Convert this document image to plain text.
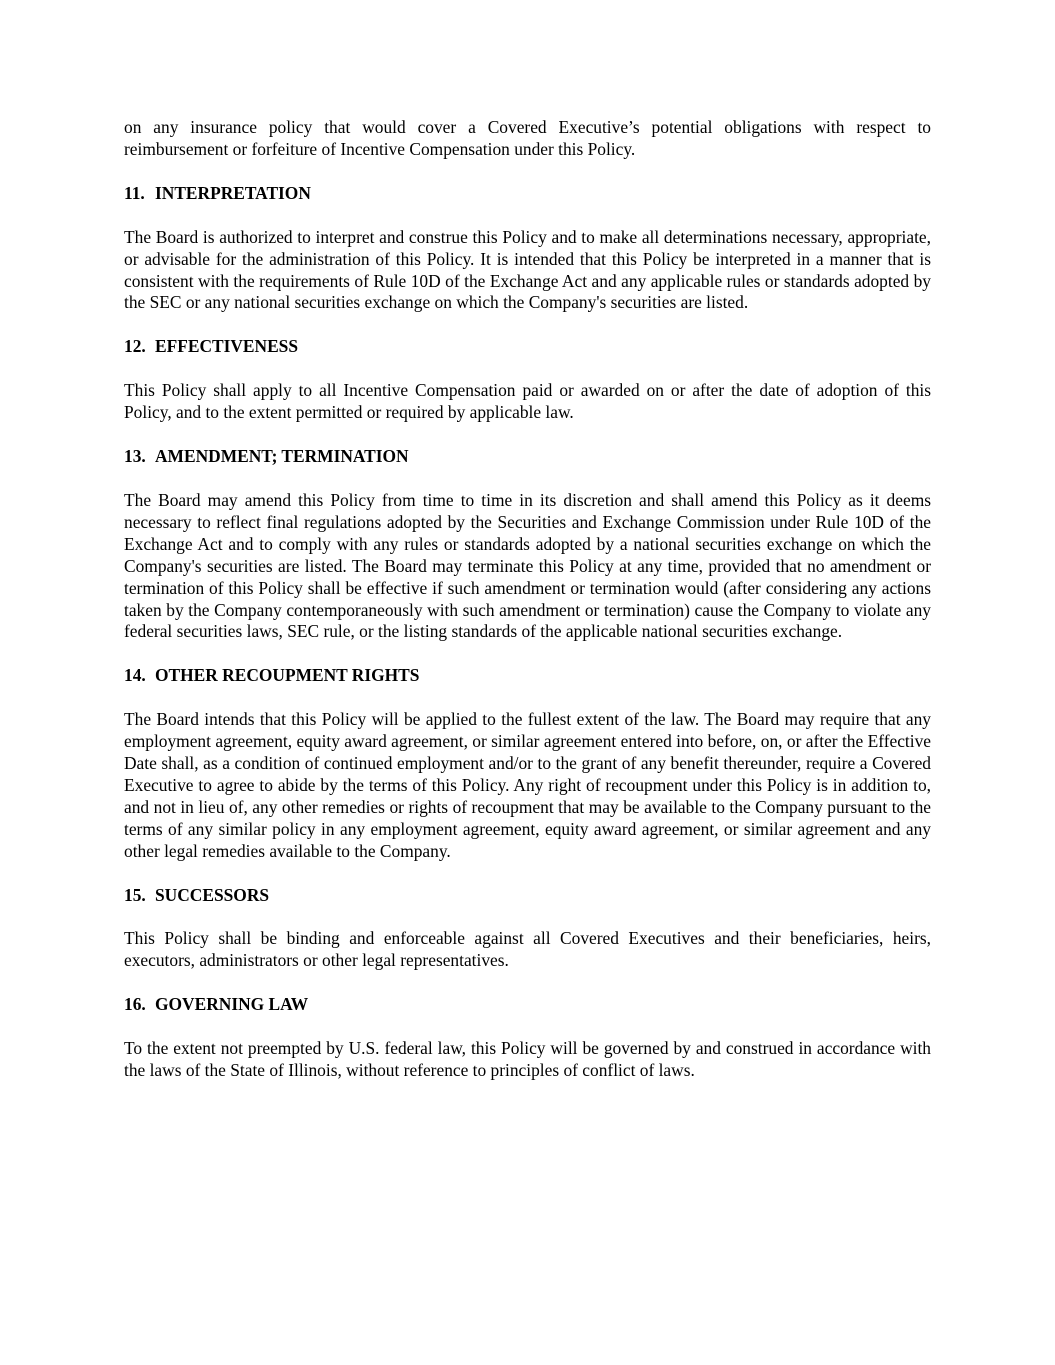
on any insurance policy that would cover a Covered Executive’s potential obligations with respect to reimbursement or forfeiture of Incentive Compensation under this Policy.

11. INTERPRETATION

The Board is authorized to interpret and construe this Policy and to make all determinations necessary, appropriate, or advisable for the administration of this Policy. It is intended that this Policy be interpreted in a manner that is consistent with the requirements of Rule 10D of the Exchange Act and any applicable rules or standards adopted by the SEC or any national securities exchange on which the Company's securities are listed.

12. EFFECTIVENESS

This Policy shall apply to all Incentive Compensation paid or awarded on or after the date of adoption of this Policy, and to the extent permitted or required by applicable law.

13. AMENDMENT; TERMINATION

The Board may amend this Policy from time to time in its discretion and shall amend this Policy as it deems necessary to reflect final regulations adopted by the Securities and Exchange Commission under Rule 10D of the Exchange Act and to comply with any rules or standards adopted by a national securities exchange on which the Company's securities are listed. The Board may terminate this Policy at any time, provided that no amendment or termination of this Policy shall be effective if such amendment or termination would (after considering any actions taken by the Company contemporaneously with such amendment or termination) cause the Company to violate any federal securities laws, SEC rule, or the listing standards of the applicable national securities exchange.

14. OTHER RECOUPMENT RIGHTS

The Board intends that this Policy will be applied to the fullest extent of the law. The Board may require that any employment agreement, equity award agreement, or similar agreement entered into before, on, or after the Effective Date shall, as a condition of continued employment and/or to the grant of any benefit thereunder, require a Covered Executive to agree to abide by the terms of this Policy. Any right of recoupment under this Policy is in addition to, and not in lieu of, any other remedies or rights of recoupment that may be available to the Company pursuant to the terms of any similar policy in any employment agreement, equity award agreement, or similar agreement and any other legal remedies available to the Company.

15. SUCCESSORS

This Policy shall be binding and enforceable against all Covered Executives and their beneficiaries, heirs, executors, administrators or other legal representatives.

16. GOVERNING LAW

To the extent not preempted by U.S. federal law, this Policy will be governed by and construed in accordance with the laws of the State of Illinois, without reference to principles of conflict of laws.
